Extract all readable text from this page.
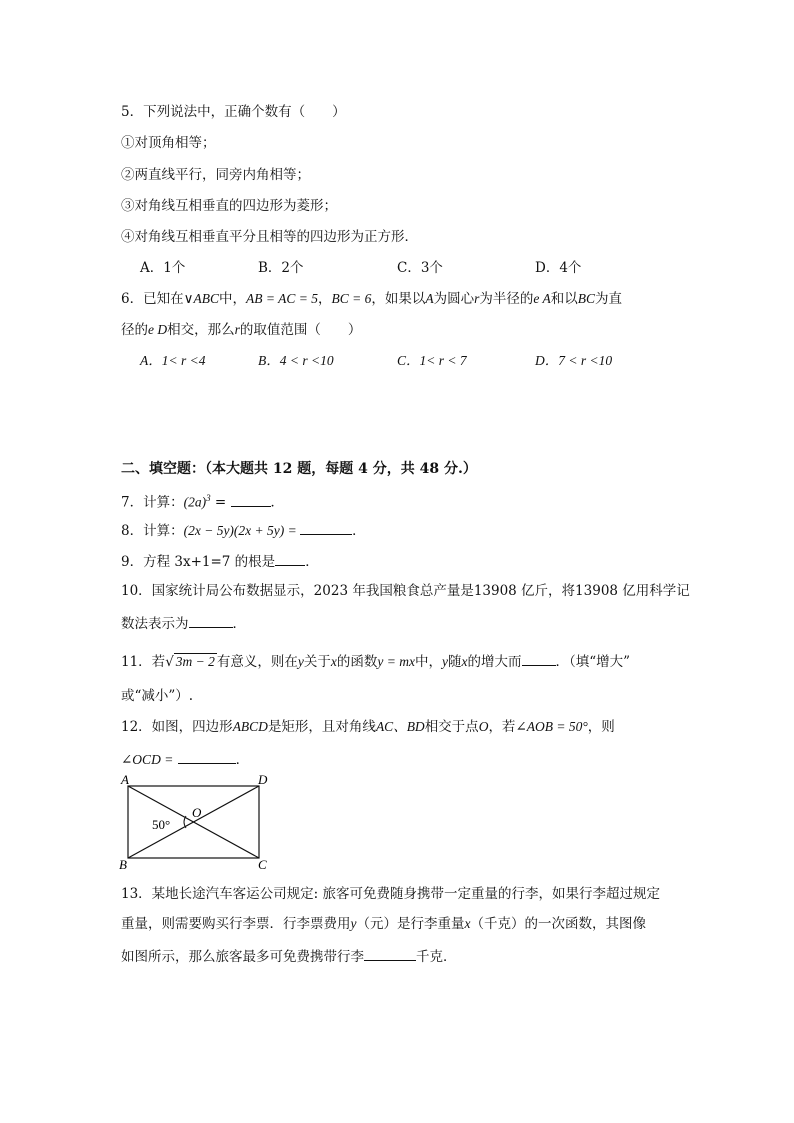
5．下列说法中，正确个数有（　　）
①对顶角相等；
②两直线平行，同旁内角相等；
③对角线互相垂直的四边形为菱形；
④对角线互相垂直平分且相等的四边形为正方形．
A．1个	B．2个	C．3个	D．4个
6．已知在∨ABC中，AB = AC = 5，BC = 6，如果以A为圆心r为半径的e A和以BC为直
径的e D相交，那么r的取值范围（　　）
A．1< r <4	B．4 < r <10	C．1< r < 7	D．7 < r <10
二、填空题：（本大题共 12 题，每题 4 分，共 48 分.）
7．计算：$(2a)^3$ =	．
8．计算：(2x − 5y)(2x + 5y) =	．
9．方程 3x+1=7 的根是 ．
10．国家统计局公布数据显示，2023 年我国粮食总产量是13908 亿斤，将13908 亿用科学记
数法表示为	．
11．若√ 3m − 2 有意义，则在y关于x的函数y = mx中，y随x的增大而	．（填“增大”
或“减小”）.
12．如图，四边形ABCD是矩形，且对角线AC、BD相交于点O，若∠AOB = 50°，则
∠OCD =	．
A	D
B	C
O
50°
13．某地长途汽车客运公司规定: 旅客可免费随身携带一定重量的行李，如果行李超过规定
重量，则需要购买行李票．行李票费用y（元）是行李重量x（千克）的一次函数，其图像
如图所示，那么旅客最多可免费携带行李	千克．
